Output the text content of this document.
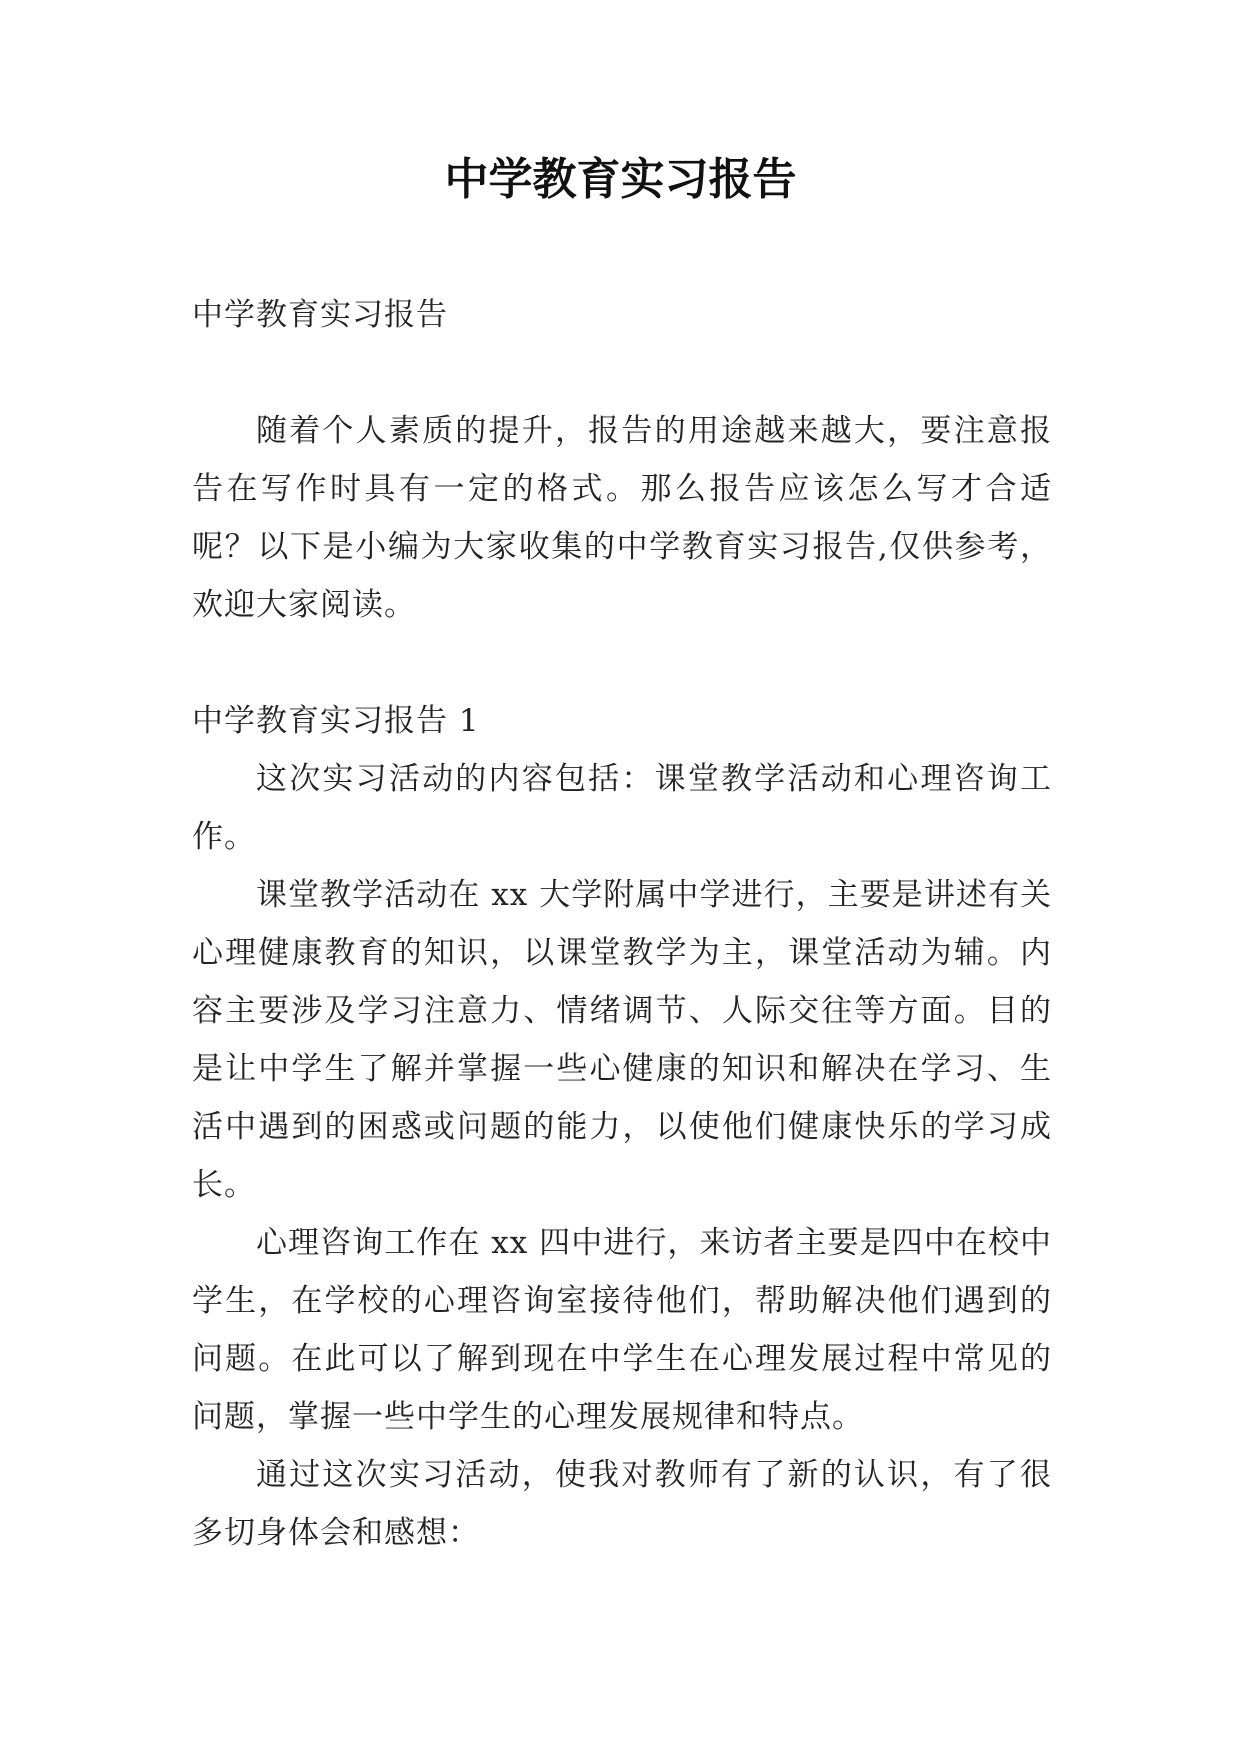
中学教育实习报告

中学教育实习报告

随着个人素质的提升，报告的用途越来越大，要注意报告在写作时具有一定的格式。那么报告应该怎么写才合适呢？以下是小编为大家收集的中学教育实习报告,仅供参考，欢迎大家阅读。

中学教育实习报告 1

这次实习活动的内容包括：课堂教学活动和心理咨询工作。

课堂教学活动在 xx 大学附属中学进行，主要是讲述有关心理健康教育的知识，以课堂教学为主，课堂活动为辅。内容主要涉及学习注意力、情绪调节、人际交往等方面。目的是让中学生了解并掌握一些心健康的知识和解决在学习、生活中遇到的困惑或问题的能力，以使他们健康快乐的学习成长。

心理咨询工作在 xx 四中进行，来访者主要是四中在校中学生，在学校的心理咨询室接待他们，帮助解决他们遇到的问题。在此可以了解到现在中学生在心理发展过程中常见的问题，掌握一些中学生的心理发展规律和特点。

通过这次实习活动，使我对教师有了新的认识，有了很多切身体会和感想：
